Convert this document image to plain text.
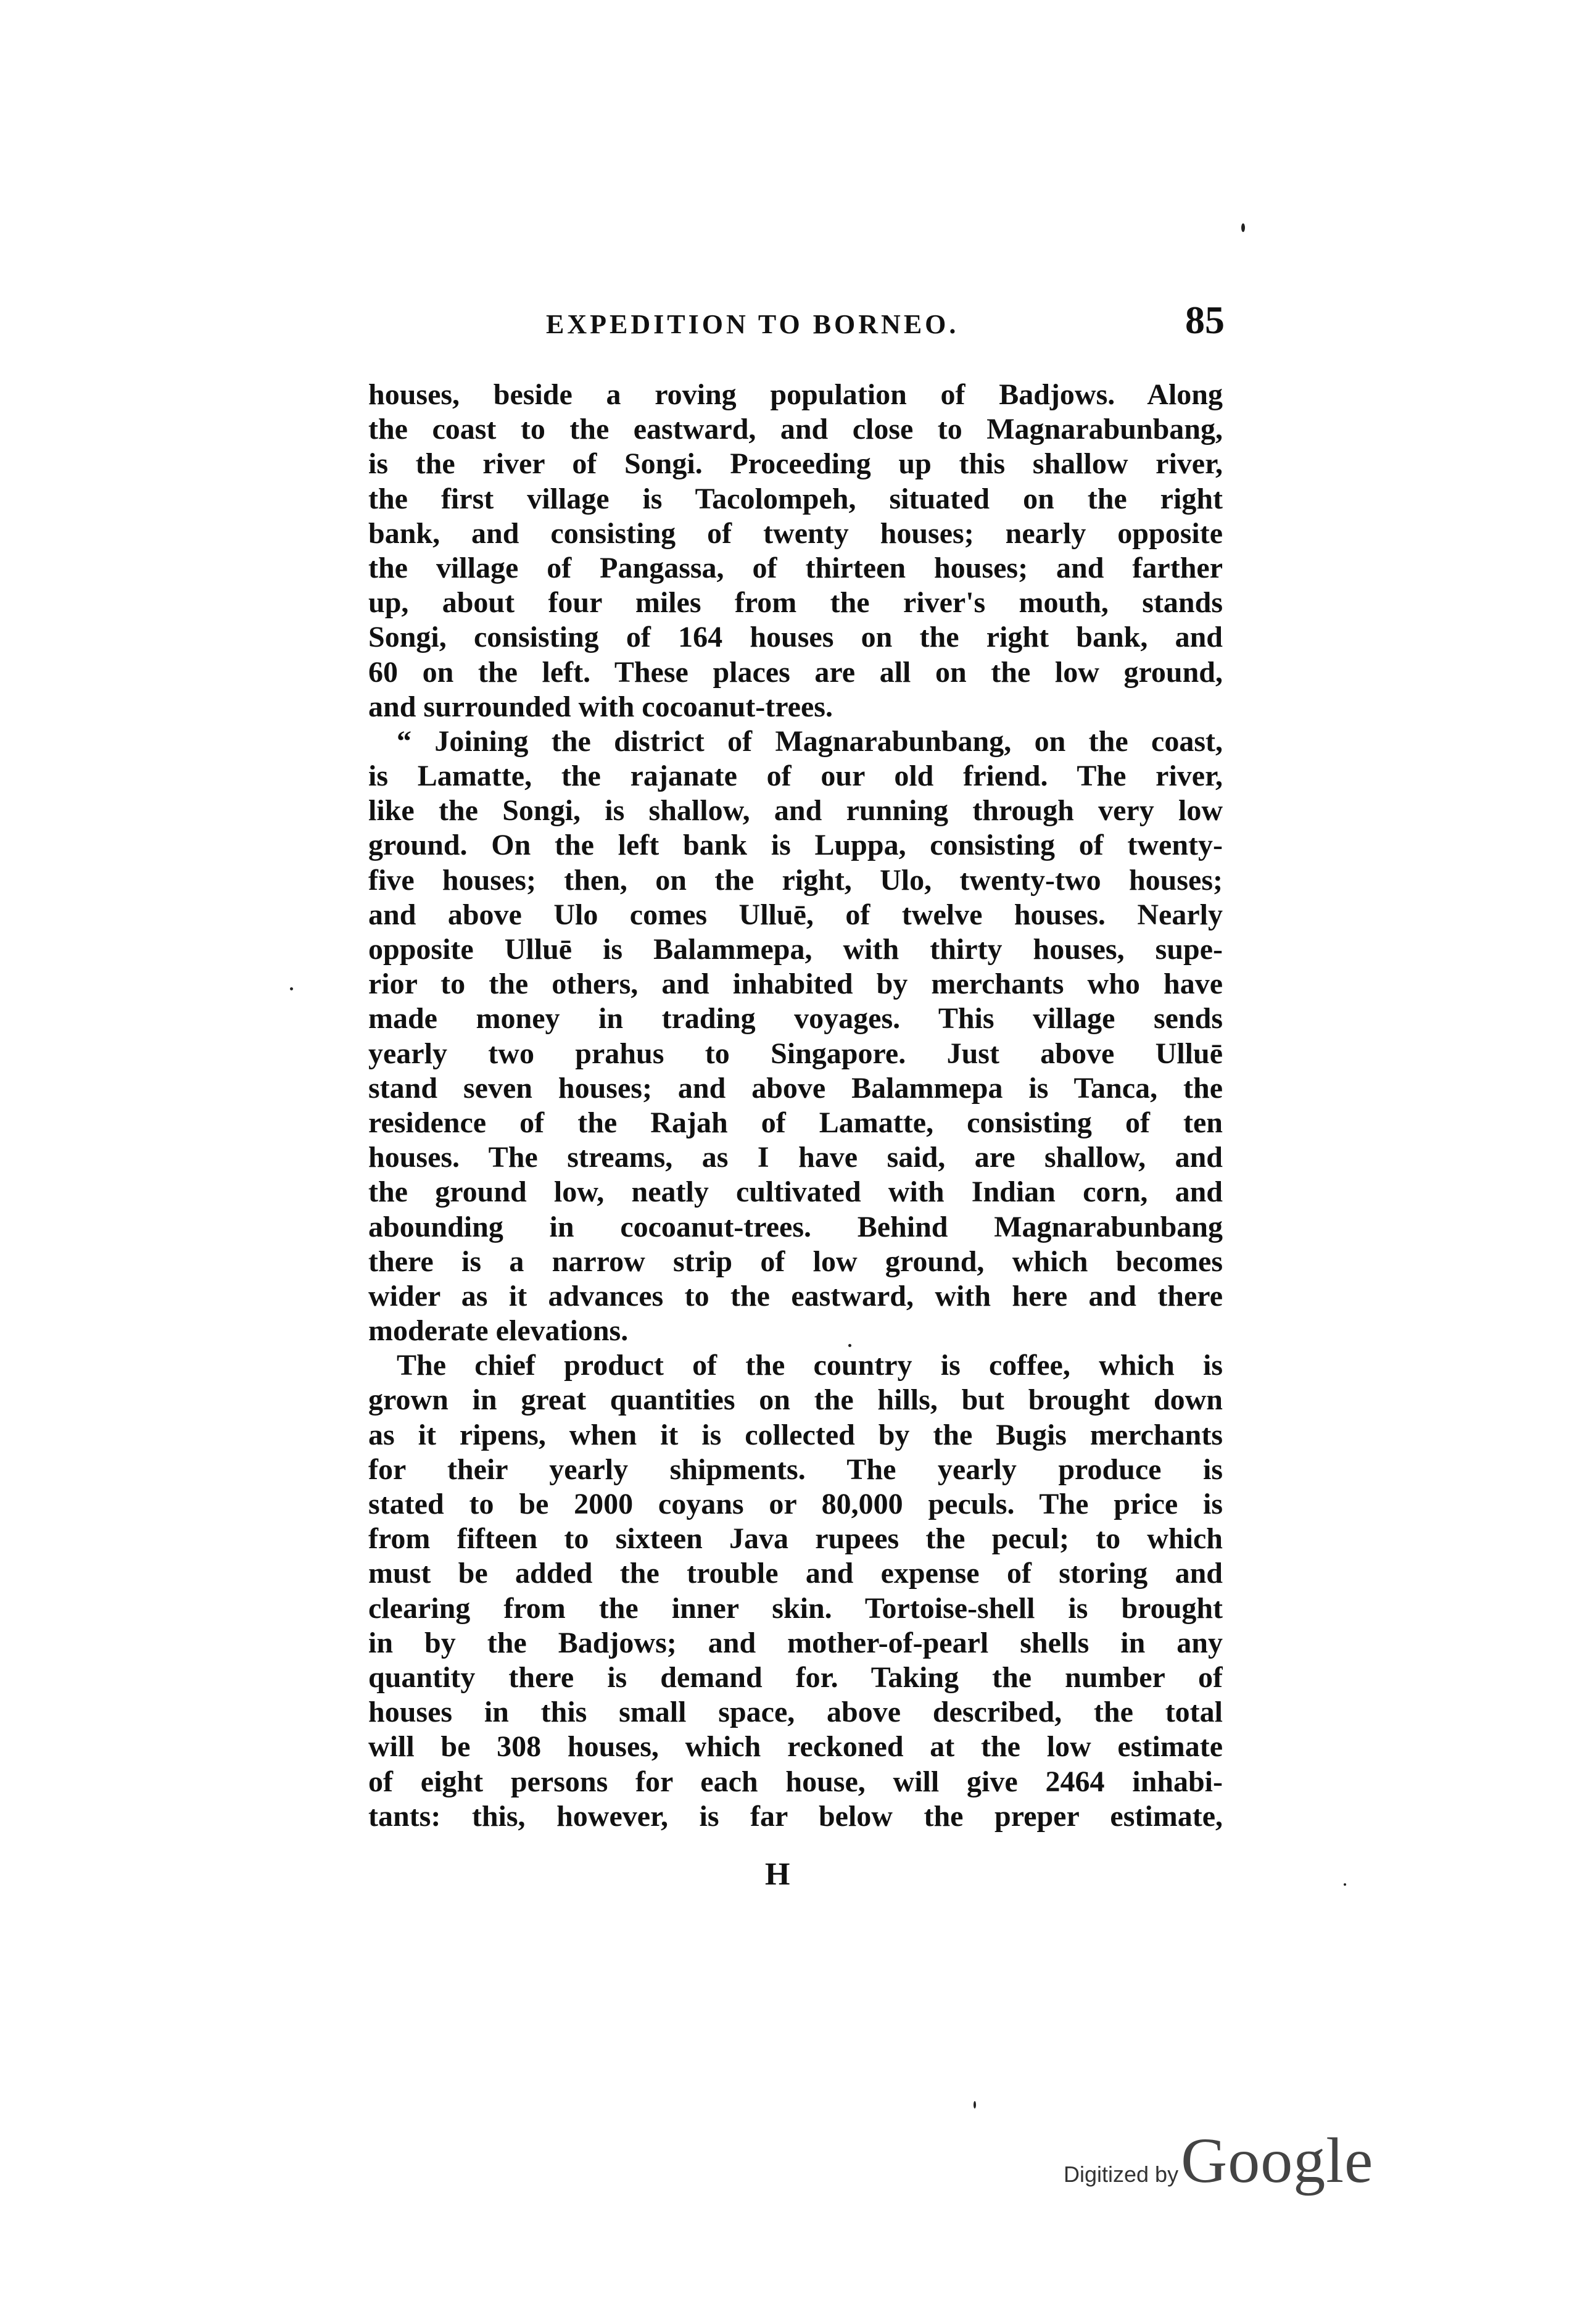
EXPEDITION TO BORNEO.	85
houses, beside a roving population of Badjows. Along
the coast to the eastward, and close to Magnarabunbang,
is the river of Songi. Proceeding up this shallow river,
the first village is Tacolompeh, situated on the right
bank, and consisting of twenty houses; nearly opposite
the village of Pangassa, of thirteen houses; and farther
up, about four miles from the river's mouth, stands
Songi, consisting of 164 houses on the right bank, and
60 on the left. These places are all on the low ground,
and surrounded with cocoanut-trees.
“ Joining the district of Magnarabunbang, on the coast,
is Lamatte, the rajanate of our old friend. The river,
like the Songi, is shallow, and running through very low
ground. On the left bank is Luppa, consisting of twenty-
five houses; then, on the right, Ulo, twenty-two houses;
and above Ulo comes Ulluē, of twelve houses. Nearly
opposite Ulluē is Balammepa, with thirty houses, supe-
rior to the others, and inhabited by merchants who have
made money in trading voyages. This village sends
yearly two prahus to Singapore. Just above Ulluē
stand seven houses; and above Balammepa is Tanca, the
residence of the Rajah of Lamatte, consisting of ten
houses. The streams, as I have said, are shallow, and
the ground low, neatly cultivated with Indian corn, and
abounding in cocoanut-trees. Behind Magnarabunbang
there is a narrow strip of low ground, which becomes
wider as it advances to the eastward, with here and there
moderate elevations.
The chief product of the country is coffee, which is
grown in great quantities on the hills, but brought down
as it ripens, when it is collected by the Bugis merchants
for their yearly shipments. The yearly produce is
stated to be 2000 coyans or 80,000 peculs. The price is
from fifteen to sixteen Java rupees the pecul; to which
must be added the trouble and expense of storing and
clearing from the inner skin. Tortoise-shell is brought
in by the Badjows; and mother-of-pearl shells in any
quantity there is demand for. Taking the number of
houses in this small space, above described, the total
will be 308 houses, which reckoned at the low estimate
of eight persons for each house, will give 2464 inhabi-
tants: this, however, is far below the preper estimate,
H
Digitized by Google
